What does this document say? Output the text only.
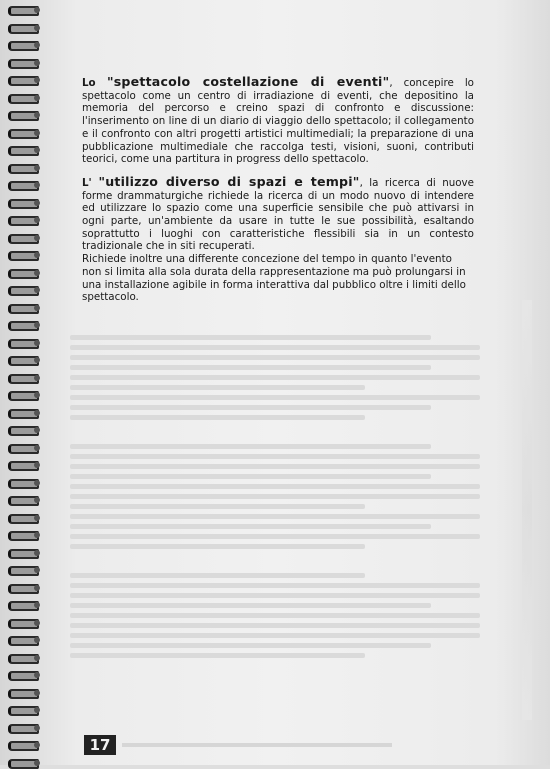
Lo "spettacolo costellazione di eventi", concepire lo spettacolo come un centro di irradiazione di eventi, che depositino la memoria del percorso e creino spazi di confronto e discussione: l'inserimento on line di un diario di viaggio dello spettacolo; il collegamento e il confronto con altri progetti artistici multimediali; la preparazione di una pubblicazione multimediale che raccolga testi, visioni, suoni, contributi teorici, come una partitura in progress dello spettacolo.

L' "utilizzo diverso di spazi e tempi", la ricerca di nuove forme drammaturgiche richiede la ricerca di un modo nuovo di intendere ed utilizzare lo spazio come una superficie sensibile che può attivarsi in ogni parte, un'ambiente da usare in tutte le sue possibilità, esaltando soprattutto i luoghi con caratteristiche flessibili sia in un contesto tradizionale che in siti recuperati.
Richiede inoltre una differente concezione del tempo in quanto l'evento non si limita alla sola durata della rappresentazione ma può prolungarsi in una installazione agibile in forma interattiva dal pubblico oltre i limiti dello spettacolo.

17
